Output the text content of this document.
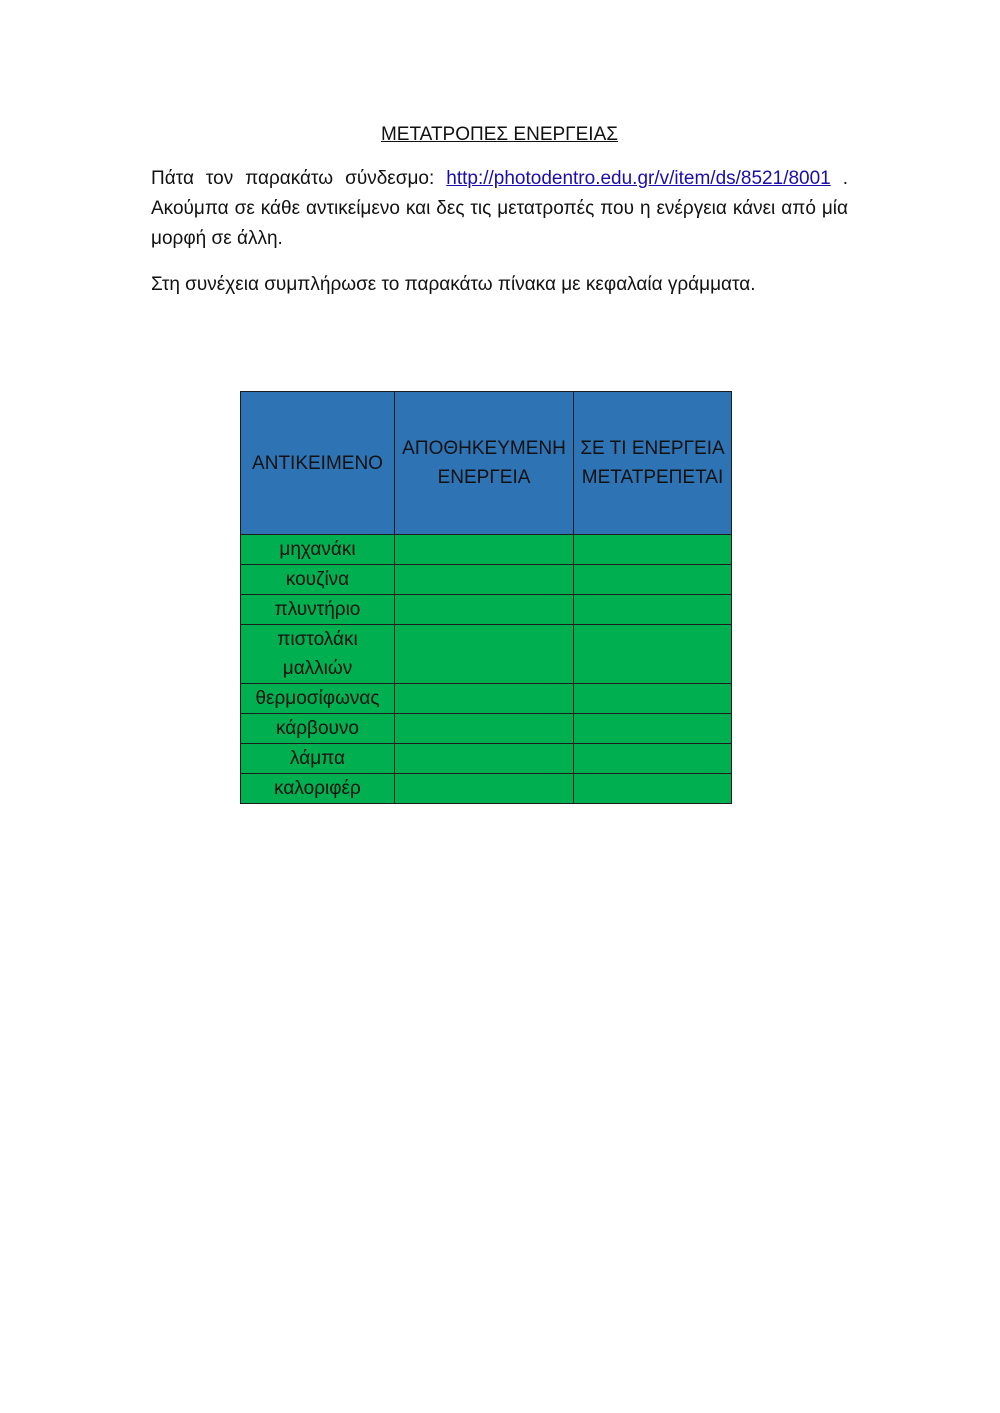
ΜΕΤΑΤΡΟΠΕΣ ΕΝΕΡΓΕΙΑΣ

Πάτα τον παρακάτω σύνδεσμο: http://photodentro.edu.gr/v/item/ds/8521/8001 . Ακούμπα σε κάθε αντικείμενο και δες τις μετατροπές που η ενέργεια κάνει από μία μορφή σε άλλη.

Στη συνέχεια συμπλήρωσε το παρακάτω πίνακα με κεφαλαία γράμματα.

ΑΝΤΙΚΕΙΜΕΝΟ	ΑΠΟΘΗΚΕΥΜΕΝΗ ΕΝΕΡΓΕΙΑ	ΣΕ ΤΙ ΕΝΕΡΓΕΙΑ ΜΕΤΑΤΡΕΠΕΤΑΙ
μηχανάκι		
κουζίνα		
πλυντήριο		
πιστολάκι μαλλιών		
θερμοσίφωνας		
κάρβουνο		
λάμπα		
καλοριφέρ		
